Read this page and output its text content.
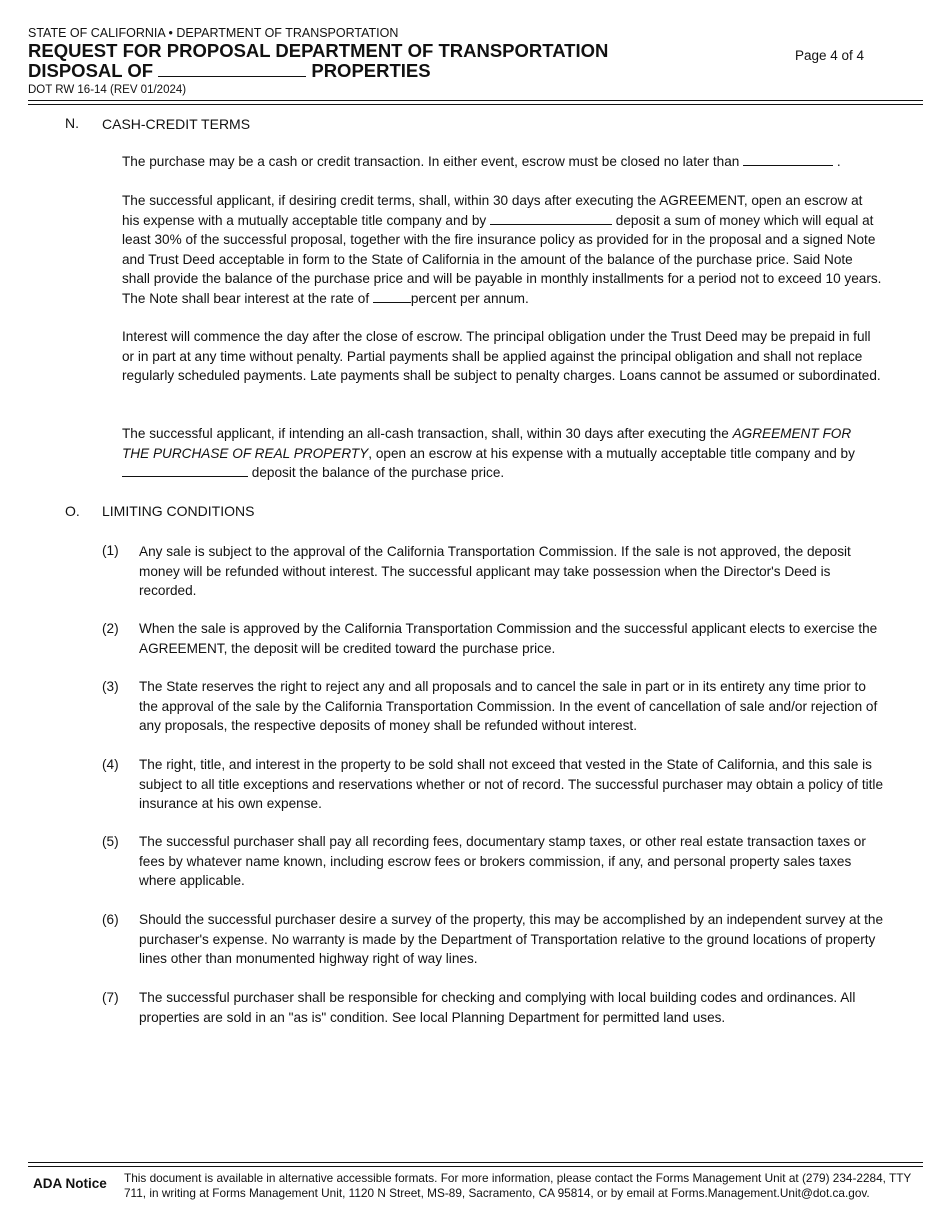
STATE OF CALIFORNIA • DEPARTMENT OF TRANSPORTATION
REQUEST FOR PROPOSAL DEPARTMENT OF TRANSPORTATION
DISPOSAL OF	PROPERTIES
DOT RW 16-14 (REV 01/2024)
Page 4 of 4
N. CASH-CREDIT TERMS
The purchase may be a cash or credit transaction. In either event, escrow must be closed no later than	.
The successful applicant, if desiring credit terms, shall, within 30 days after executing the AGREEMENT, open an escrow at his expense with a mutually acceptable title company and by	deposit a sum of money which will equal at least 30% of the successful proposal, together with the fire insurance policy as provided for in the proposal and a signed Note and Trust Deed acceptable in form to the State of California in the amount of the balance of the purchase price. Said Note shall provide the balance of the purchase price and will be payable in monthly installments for a period not to exceed 10 years. The Note shall bear interest at the rate of	percent per annum.
Interest will commence the day after the close of escrow. The principal obligation under the Trust Deed may be prepaid in full or in part at any time without penalty. Partial payments shall be applied against the principal obligation and shall not replace regularly scheduled payments. Late payments shall be subject to penalty charges. Loans cannot be assumed or subordinated.
The successful applicant, if intending an all-cash transaction, shall, within 30 days after executing the AGREEMENT FOR THE PURCHASE OF REAL PROPERTY, open an escrow at his expense with a mutually acceptable title company and by  deposit the balance of the purchase price.
O. LIMITING CONDITIONS
(1) Any sale is subject to the approval of the California Transportation Commission. If the sale is not approved, the deposit money will be refunded without interest. The successful applicant may take possession when the Director's Deed is recorded.
(2) When the sale is approved by the California Transportation Commission and the successful applicant elects to exercise the AGREEMENT, the deposit will be credited toward the purchase price.
(3) The State reserves the right to reject any and all proposals and to cancel the sale in part or in its entirety any time prior to the approval of the sale by the California Transportation Commission. In the event of cancellation of sale and/or rejection of any proposals, the respective deposits of money shall be refunded without interest.
(4) The right, title, and interest in the property to be sold shall not exceed that vested in the State of California, and this sale is subject to all title exceptions and reservations whether or not of record. The successful purchaser may obtain a policy of title insurance at his own expense.
(5) The successful purchaser shall pay all recording fees, documentary stamp taxes, or other real estate transaction taxes or fees by whatever name known, including escrow fees or brokers commission, if any, and personal property sales taxes where applicable.
(6) Should the successful purchaser desire a survey of the property, this may be accomplished by an independent survey at the purchaser's expense. No warranty is made by the Department of Transportation relative to the ground locations of property lines other than monumented highway right of way lines.
(7) The successful purchaser shall be responsible for checking and complying with local building codes and ordinances. All properties are sold in an "as is" condition. See local Planning Department for permitted land uses.
ADA Notice This document is available in alternative accessible formats. For more information, please contact the Forms Management Unit at (279) 234-2284, TTY 711, in writing at Forms Management Unit, 1120 N Street, MS-89, Sacramento, CA 95814, or by email at Forms.Management.Unit@dot.ca.gov.
